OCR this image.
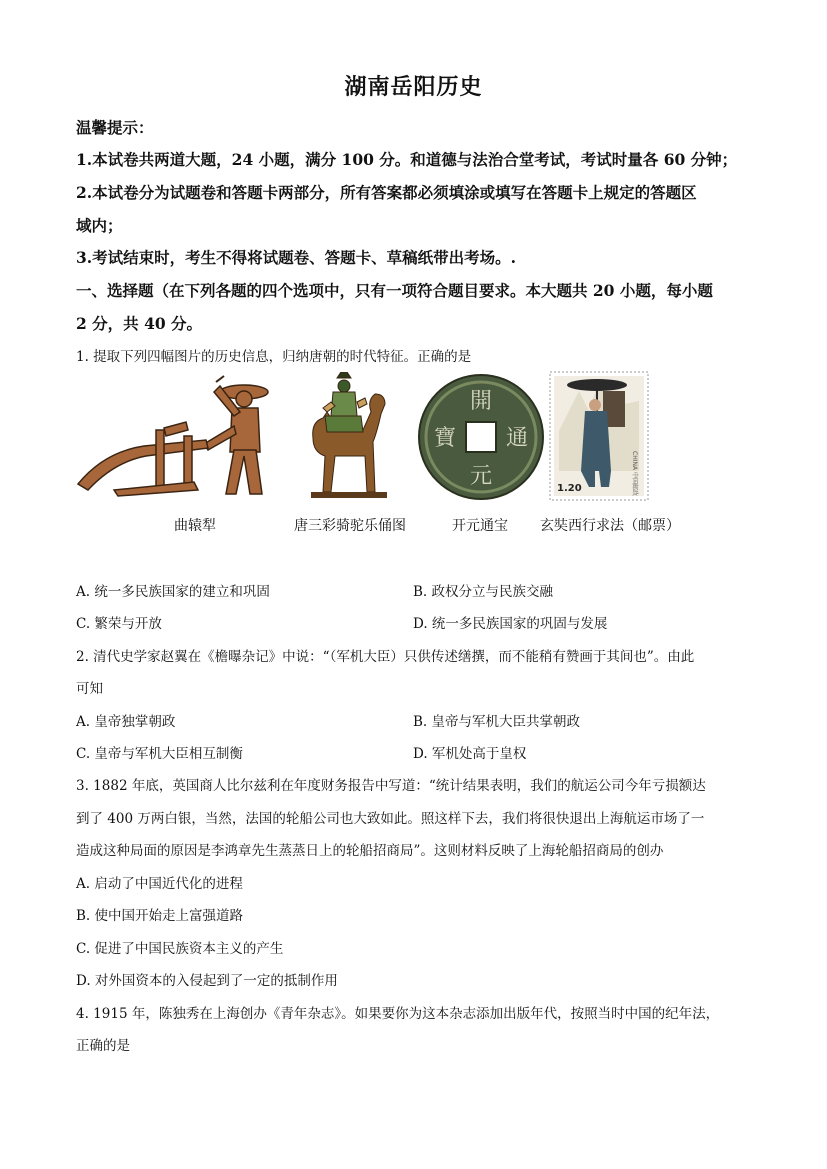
湖南岳阳历史
温馨提示：
1.本试卷共两道大题，24 小题，满分 100 分。和道德与法治合堂考试，考试时量各 60 分钟；
2.本试卷分为试题卷和答题卡两部分，所有答案都必须填涂或填写在答题卡上规定的答题区
域内；
3.考试结束时，考生不得将试题卷、答题卡、草稿纸带出考场。.
一、选择题（在下列各题的四个选项中，只有一项符合题目要求。本大题共 20 小题，每小题
2 分，共 40 分。
1. 提取下列四幅图片的历史信息，归纳唐朝的时代特征。正确的是
開
通
元
寶
1.20	CHINA 中国邮政
曲辕犁	唐三彩骑驼乐俑图	开元通宝	玄奘西行求法（邮票）
A. 统一多民族国家的建立和巩固	B. 政权分立与民族交融
C. 繁荣与开放	D. 统一多民族国家的巩固与发展
2. 清代史学家赵翼在《檐曝杂记》中说：“（军机大臣）只供传述缮撰，而不能稍有赞画于其间也”。由此
可知
A. 皇帝独掌朝政	B. 皇帝与军机大臣共掌朝政
C. 皇帝与军机大臣相互制衡	D. 军机处高于皇权
3. 1882 年底，英国商人比尔兹利在年度财务报告中写道：“统计结果表明，我们的航运公司今年亏损额达
到了 400 万两白银，当然，法国的轮船公司也大致如此。照这样下去，我们将很快退出上海航运市场了一
造成这种局面的原因是李鸿章先生蒸蒸日上的轮船招商局”。这则材料反映了上海轮船招商局的创办
A. 启动了中国近代化的进程
B. 使中国开始走上富强道路
C. 促进了中国民族资本主义的产生
D. 对外国资本的入侵起到了一定的抵制作用
4. 1915 年，陈独秀在上海创办《青年杂志》。如果要你为这本杂志添加出版年代，按照当时中国的纪年法，
正确的是
